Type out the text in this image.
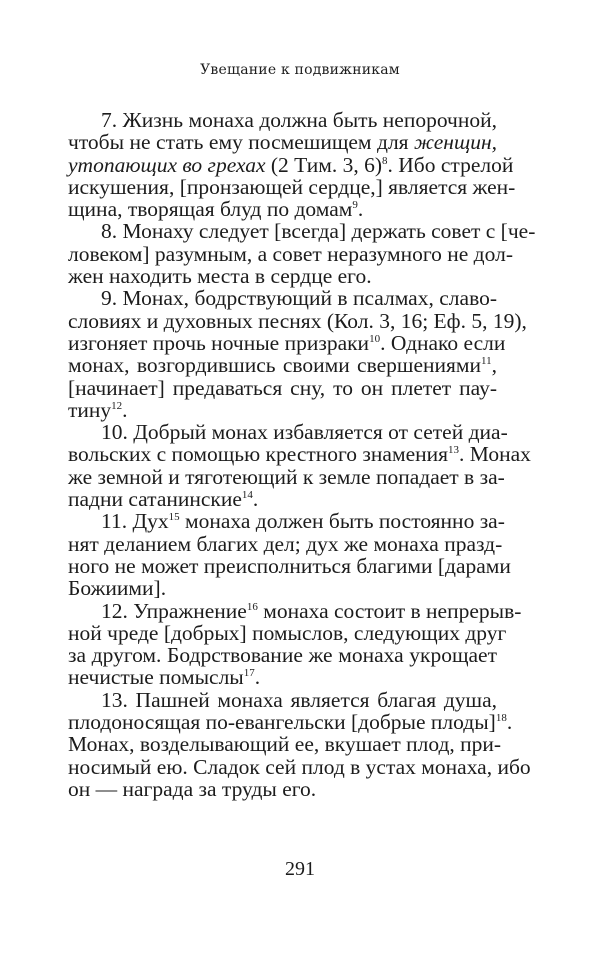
Увещание к подвижникам
7. Жизнь монаха должна быть непорочной,
чтобы не стать ему посмешищем для женщин,
утопающих во грехах (2 Тим. 3, 6)$^8$. Ибо стрелой
искушения, [пронзающей сердце,] является жен-
щина, творящая блуд по домам$^9$.
8. Монаху следует [всегда] держать совет с [че-
ловеком] разумным, а совет неразумного не дол-
жен находить места в сердце его.
9. Монах, бодрствующий в псалмах, славо-
словиях и духовных песнях (Кол. 3, 16; Еф. 5, 19),
изгоняет прочь ночные призраки$^{10}$. Однако если
монах, возгордившись своими свершениями$^{11}$,
[начинает] предаваться сну, то он плетет пау-
тину$^{12}$.
10. Добрый монах избавляется от сетей диа-
вольских с помощью крестного знамения$^{13}$. Монах
же земной и тяготеющий к земле попадает в за-
падни сатанинские$^{14}$.
11. Дух$^{15}$ монаха должен быть постоянно за-
нят деланием благих дел; дух же монаха празд-
ного не может преисполниться благими [дарами
Божиими].
12. Упражнение$^{16}$ монаха состоит в непрерыв-
ной чреде [добрых] помыслов, следующих друг
за другом. Бодрствование же монаха укрощает
нечистые помыслы$^{17}$.
13. Пашней монаха является благая душа,
плодоносящая по-евангельски [добрые плоды]$^{18}$.
Монах, возделывающий ее, вкушает плод, при-
носимый ею. Сладок сей плод в устах монаха, ибо
он — награда за труды его.
291
